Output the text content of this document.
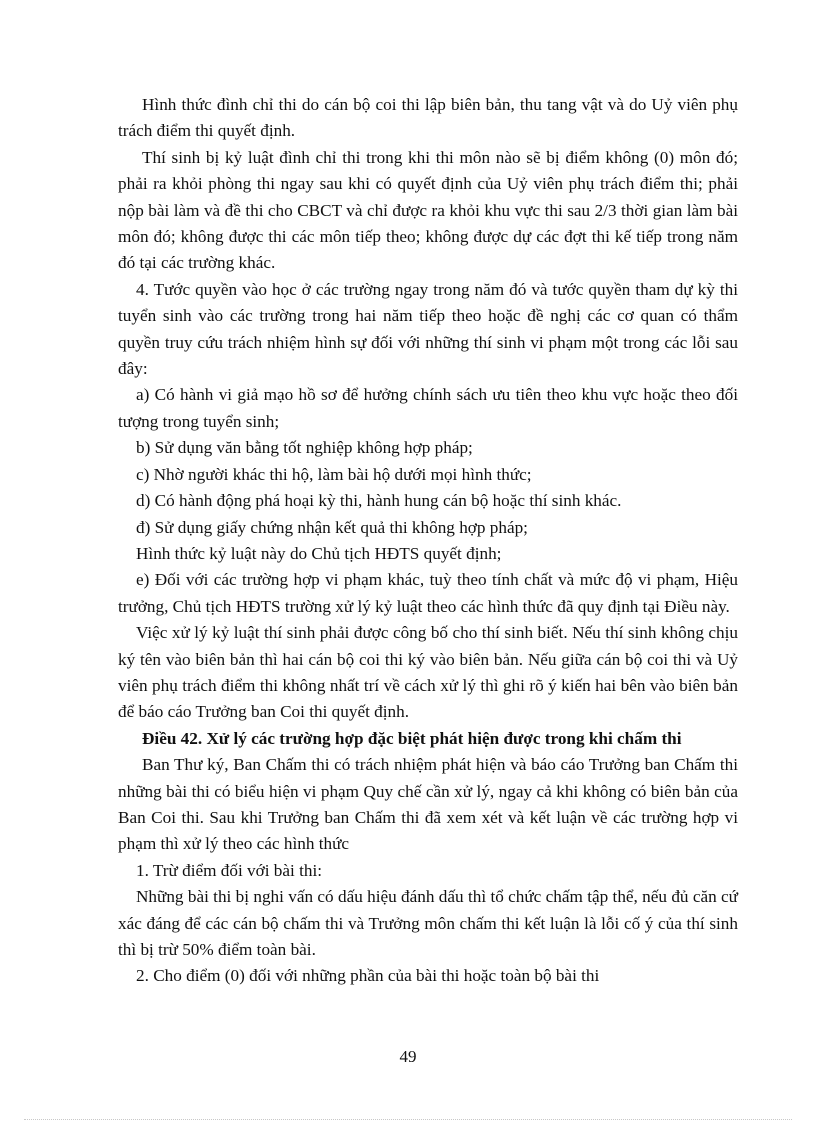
Hình thức đình chỉ thi do cán bộ coi thi lập biên bản, thu tang vật và do Uỷ viên phụ trách điểm thi quyết định.

Thí sinh bị kỷ luật đình chỉ thi trong khi thi môn nào sẽ bị điểm không (0) môn đó; phải ra khỏi phòng thi ngay sau khi có quyết định của Uỷ viên phụ trách điểm thi; phải nộp bài làm và đề thi cho CBCT và chỉ được ra khỏi khu vực thi sau 2/3 thời gian làm bài môn đó; không được thi các môn tiếp theo; không được dự các đợt thi kế tiếp trong năm đó tại các trường khác.

4. Tước quyền vào học ở các trường ngay trong năm đó và tước quyền tham dự kỳ thi tuyển sinh vào các trường trong hai năm tiếp theo hoặc đề nghị các cơ quan có thẩm quyền truy cứu trách nhiệm hình sự đối với những thí sinh vi phạm một trong các lỗi sau đây:

a) Có hành vi giả mạo hồ sơ để hưởng chính sách ưu tiên theo khu vực hoặc theo đối tượng trong tuyển sinh;

b) Sử dụng văn bằng tốt nghiệp không hợp pháp;

c) Nhờ người khác thi hộ, làm bài hộ dưới mọi hình thức;

d) Có hành động phá hoại kỳ thi, hành hung cán bộ hoặc thí sinh khác.

đ) Sử dụng giấy chứng nhận kết quả thi không hợp pháp;

Hình thức kỷ luật này do Chủ tịch HĐTS quyết định;

e) Đối với các trường hợp vi phạm khác, tuỳ theo tính chất và mức độ vi phạm, Hiệu trưởng, Chủ tịch HĐTS trường xử lý kỷ luật theo các hình thức đã quy định tại Điều này.

Việc xử lý kỷ luật thí sinh phải được công bố cho thí sinh biết. Nếu thí sinh không chịu ký tên vào biên bản thì hai cán bộ coi thi ký vào biên bản. Nếu giữa cán bộ coi thi và Uỷ viên phụ trách điểm thi không nhất trí về cách xử lý thì ghi rõ ý kiến hai bên vào biên bản để báo cáo Trưởng ban Coi thi quyết định.

Điều 42. Xử lý các trường hợp đặc biệt phát hiện được trong khi chấm thi

Ban Thư ký, Ban Chấm thi có trách nhiệm phát hiện và báo cáo Trưởng ban Chấm thi những bài thi có biểu hiện vi phạm Quy chế cần xử lý, ngay cả khi không có biên bản của Ban Coi thi. Sau khi Trưởng ban Chấm thi đã xem xét và kết luận về các trường hợp vi phạm thì xử lý theo các hình thức

1. Trừ điểm đối với bài thi:

Những bài thi bị nghi vấn có dấu hiệu đánh dấu thì tổ chức chấm tập thể, nếu đủ căn cứ xác đáng để các cán bộ chấm thi và Trưởng môn chấm thi kết luận là lỗi cố ý của thí sinh thì bị trừ 50% điểm toàn bài.

2. Cho điểm (0) đối với những phần của bài thi hoặc toàn bộ bài thi

49
